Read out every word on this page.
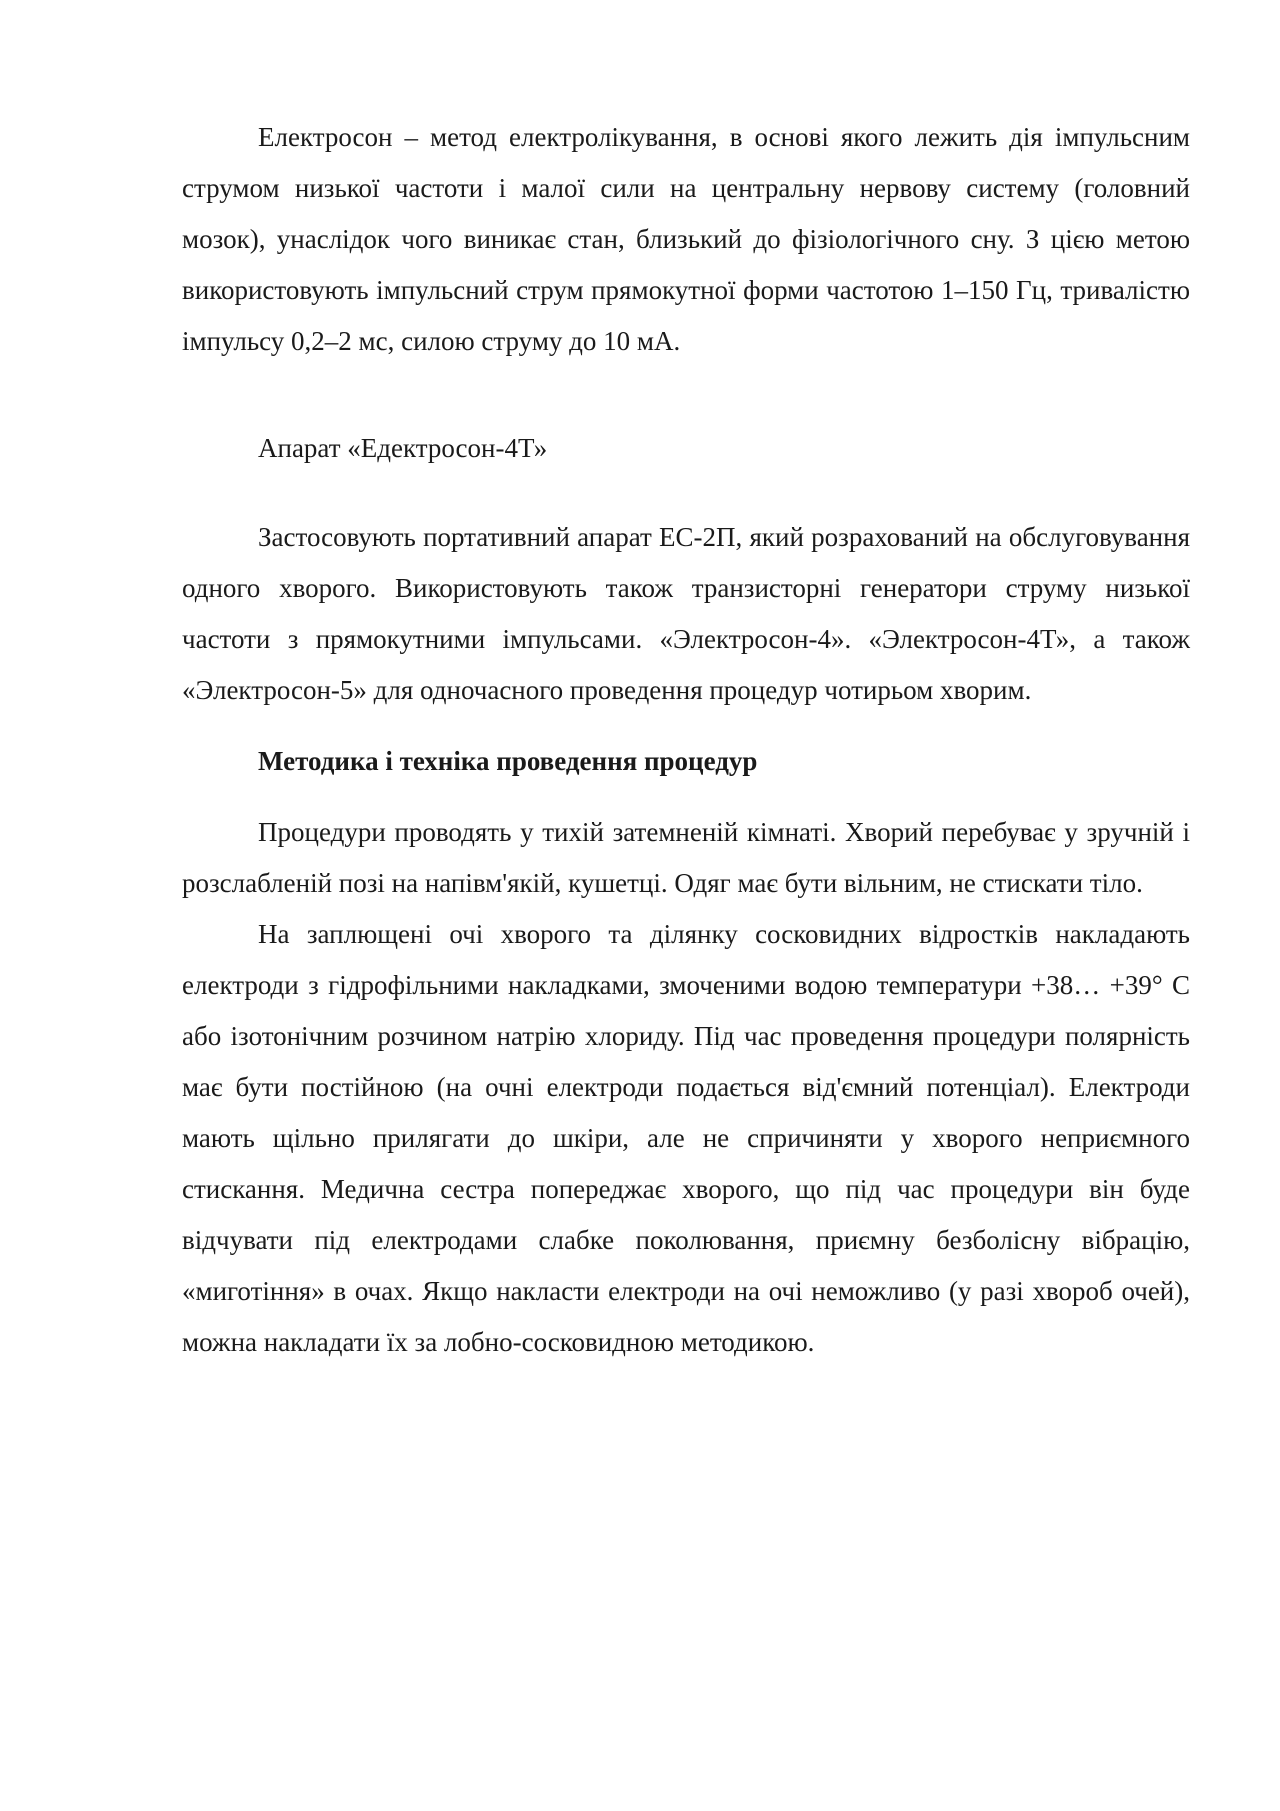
Електросон – метод електролікування, в основі якого лежить дія імпульсним струмом низької частоти і малої сили на центральну нервову систему (головний мозок), унаслідок чого виникає стан, близький до фізіологічного сну. З цією метою використовують імпульсний струм прямокутної форми частотою 1–150 Гц, тривалістю імпульсу 0,2–2 мс, силою струму до 10 мА.

Апарат «Едектросон-4Т»

Застосовують портативний апарат ЕС-2П, який розрахований на обслуговування одного хворого. Використовують також транзисторні генератори струму низької частоти з прямокутними імпульсами. «Электросон-4». «Электросон-4Т», а також «Электросон-5» для одночасного проведення процедур чотирьом хворим.

Методика і техніка проведення процедур

Процедури проводять у тихій затемненій кімнаті. Хворий перебуває у зручній і розслабленій позі на напівм'якій, кушетці. Одяг має бути вільним, не стискати тіло.

На заплющені очі хворого та ділянку сосковидних відростків накладають електроди з гідрофільними накладками, змоченими водою температури +38… +39° С або ізотонічним розчином натрію хлориду. Під час проведення процедури полярність має бути постійною (на очні електроди подається від'ємний потенціал). Електроди мають щільно прилягати до шкіри, але не спричиняти у хворого неприємного стискання. Медична сестра попереджає хворого, що під час процедури він буде відчувати під електродами слабке поколювання, приємну безболісну вібрацію, «миготіння» в очах. Якщо накласти електроди на очі неможливо (у разі хвороб очей), можна накладати їх за лобно-сосковидною методикою.
